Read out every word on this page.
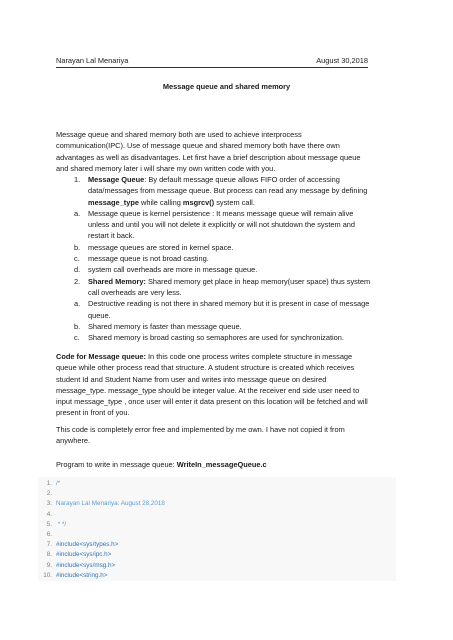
Narayan Lal Menariya	August 30,2018
Message queue and shared memory
Message queue and shared memory both are used to achieve interprocess communication(IPC). Use of message queue and shared memory both have there own advantages as well as disadvantages. Let first have a brief description about message queue and shared memory later i will share my own written code with you.
1. Message Queue: By default message queue allows FIFO order of accessing data/messages from message queue. But process can read any message by defining message_type while calling msgrcv() system call.
a. Message queue is kernel persistence : It means message queue will remain alive unless and until you will not delete it explicitly or will not shutdown the system and restart it back.
b. message queues are stored in kernel space.
c. message queue is not broad casting.
d. system call overheads are more in message queue.
2. Shared Memory: Shared memory get place in heap memory(user space) thus system call overheads are very less.
a. Destructive reading is not there in shared memory but it is present in case of message queue.
b. Shared memory is faster than message queue.
c. Shared memory is broad casting so semaphores are used for synchronization.
Code for Message queue: In this code one process writes complete structure in message queue while other process read that structure. A student structure is created which receives student Id and Student Name from user and writes into message queue on desired message_type. message_type should be integer value. At the receiver end side user need to input message_type , once user will enter it data present on this location will be fetched and will present in front of you.
This code is completely error free and implemented by me own. I have not copied it from anywhere.
Program to write in message queue: WriteIn_messageQueue.c
1. /*
2.
3. Narayan Lal Menariya: August 28,2018
4.
5. * */
6.
7. #include<sys/types.h>
8. #include<sys/ipc.h>
9. #include<sys/msg.h>
10. #include<string.h>
